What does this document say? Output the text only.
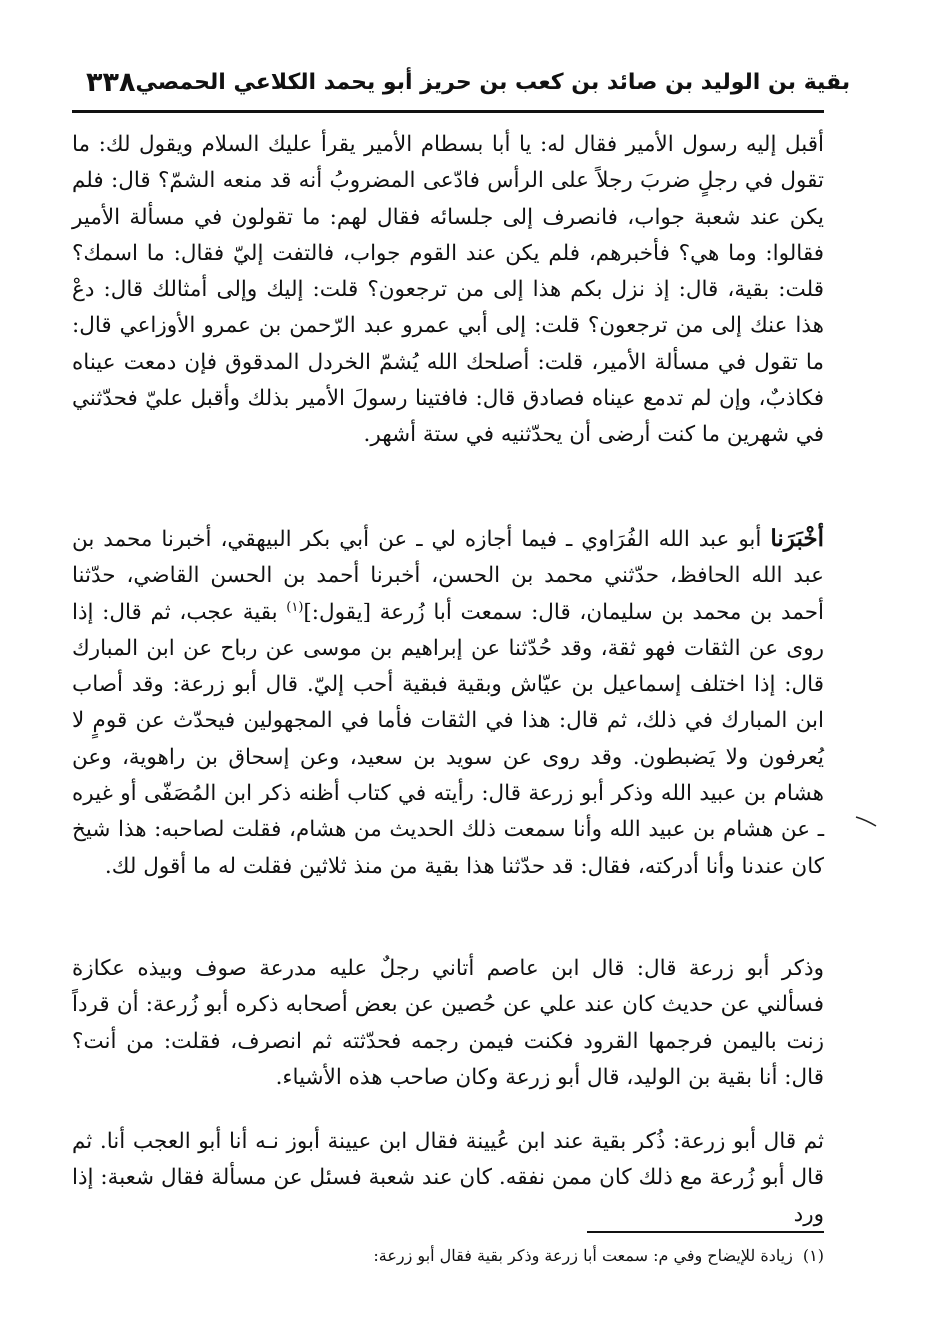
٣٣٨ بقية بن الوليد بن صائد بن كعب بن حريز أبو يحمد الكلاعي الحمصي

أقبل إليه رسول الأمير فقال له: يا أبا بسطام الأمير يقرأ عليك السلام ويقول لك: ما تقول في رجلٍ ضربَ رجلاً على الرأس فادّعى المضروبُ أنه قد منعه الشمّ؟ قال: فلم يكن عند شعبة جواب، فانصرف إلى جلسائه فقال لهم: ما تقولون في مسألة الأمير فقالوا: وما هي؟ فأخبرهم، فلم يكن عند القوم جواب، فالتفت إليّ فقال: ما اسمك؟ قلت: بقية، قال: إذ نزل بكم هذا إلى من ترجعون؟ قلت: إليك وإلى أمثالك قال: دعْ هذا عنك إلى من ترجعون؟ قلت: إلى أبي عمرو عبد الرّحمن بن عمرو الأوزاعي قال: ما تقول في مسألة الأمير، قلت: أصلحك الله يُشمّ الخردل المدقوق فإن دمعت عيناه فكاذبٌ، وإن لم تدمع عيناه فصادق قال: فافتينا رسولَ الأمير بذلك وأقبل عليّ فحدّثني في شهرين ما كنت أرضى أن يحدّثنيه في ستة أشهر.

أخْبَرَنا أبو عبد الله الفُرَاوي ـ فيما أجازه لي ـ عن أبي بكر البيهقي، أخبرنا محمد بن عبد الله الحافظ، حدّثني محمد بن الحسن، أخبرنا أحمد بن الحسن القاضي، حدّثنا أحمد بن محمد بن سليمان، قال: سمعت أبا زُرعة [يقول:]$^{(١)}$ بقية عجب، ثم قال: إذا روى عن الثقات فهو ثقة، وقد حُدّثنا عن إبراهيم بن موسى عن رباح عن ابن المبارك قال: إذا اختلف إسماعيل بن عيّاش وبقية فبقية أحب إليّ. قال أبو زرعة: وقد أصاب ابن المبارك في ذلك، ثم قال: هذا في الثقات فأما في المجهولين فيحدّث عن قومٍ لا يُعرفون ولا يَضبطون. وقد روى عن سويد بن سعيد، وعن إسحاق بن راهوية، وعن هشام بن عبيد الله وذكر أبو زرعة قال: رأيته في كتاب أظنه ذكر ابن المُصَفّى أو غيره ـ عن هشام بن عبيد الله وأنا سمعت ذلك الحديث من هشام، فقلت لصاحبه: هذا شيخ كان عندنا وأنا أدركته، فقال: قد حدّثنا هذا بقية من منذ ثلاثين فقلت له ما أقول لك.

وذكر أبو زرعة قال: قال ابن عاصم أتاني رجلٌ عليه مدرعة صوف وبيذه عكازة فسألني عن حديث كان عند علي عن حُصين عن بعض أصحابه ذكره أبو زُرعة: أن قرداً زنت باليمن فرجمها القرود فكنت فيمن رجمه فحدّثته ثم انصرف، فقلت: من أنت؟ قال: أنا بقية بن الوليد، قال أبو زرعة وكان صاحب هذه الأشياء.

ثم قال أبو زرعة: ذُكر بقية عند ابن عُيينة فقال ابن عيينة أبوز نـه أنا أبو العجب أنا. ثم قال أبو زُرعة مع ذلك كان ممن نفقه. كان عند شعبة فسئل عن مسألة فقال شعبة: إذا ورد

(١)زيادة للإيضاح وفي م: سمعت أبا زرعة وذكر بقية فقال أبو زرعة:
